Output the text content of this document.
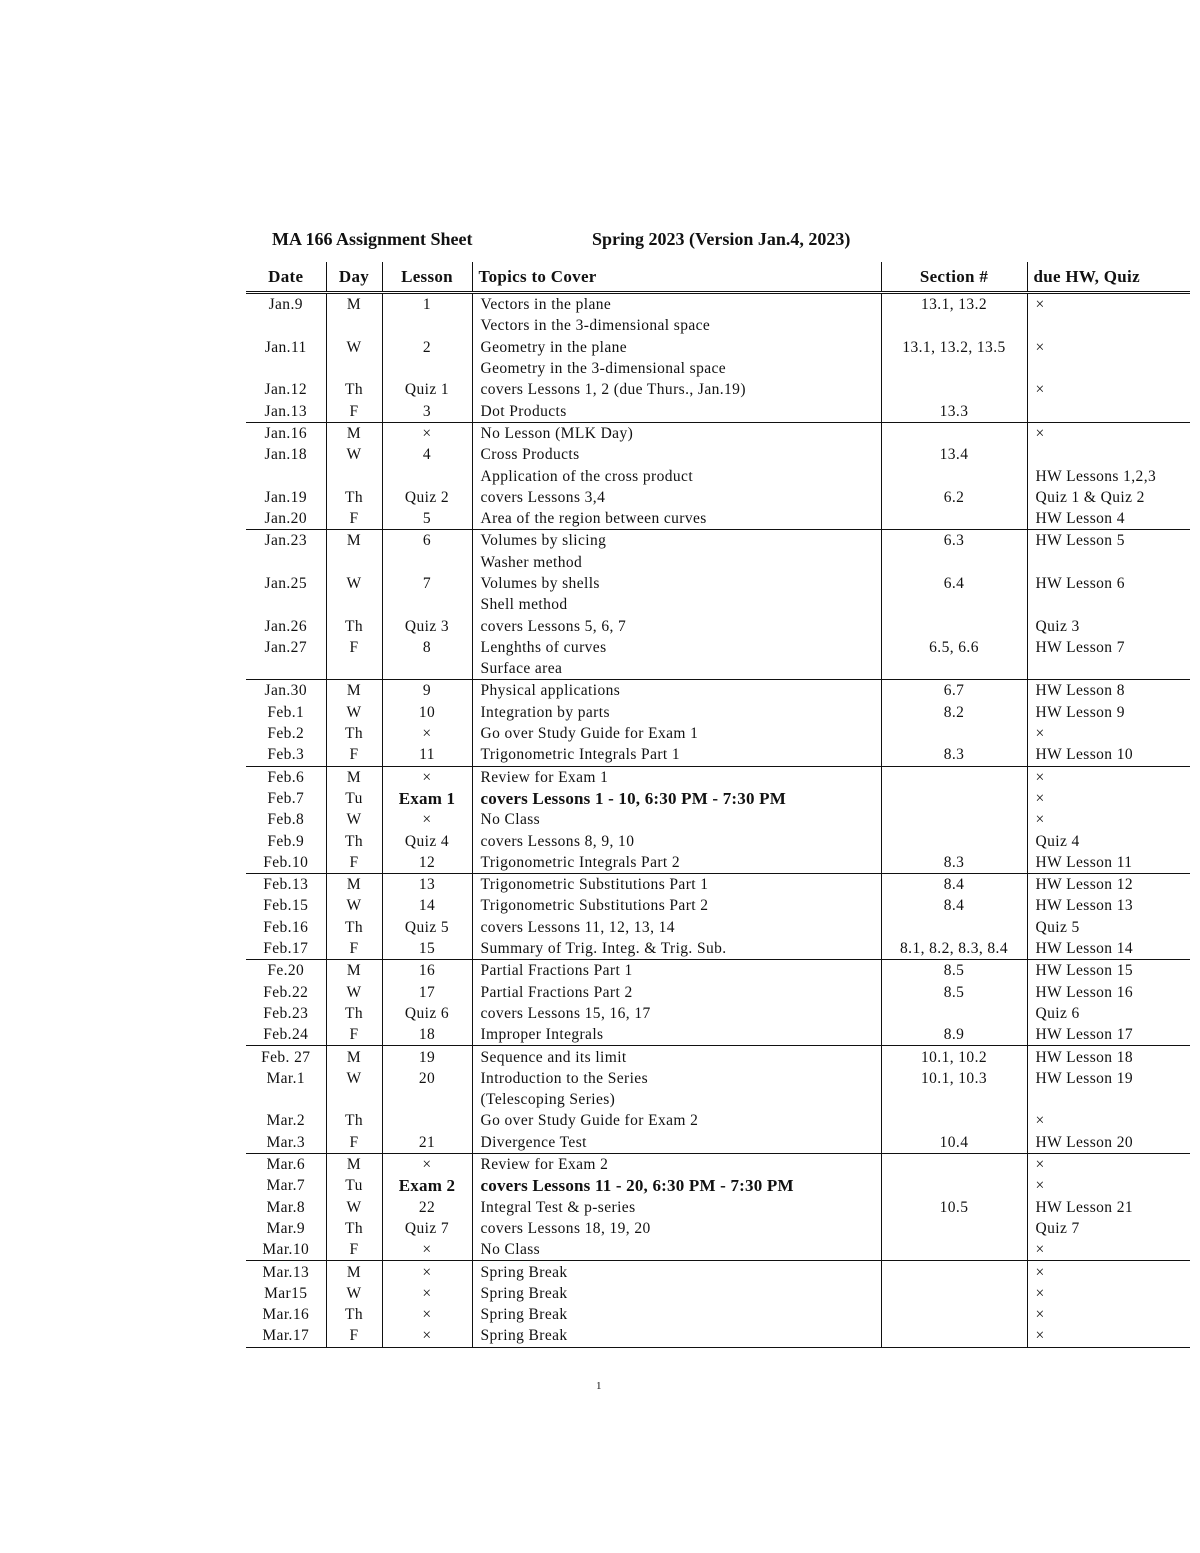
MA 166 Assignment Sheet	Spring 2023 (Version Jan.4, 2023)
Date	Day	Lesson	Topics to Cover	Section #	due HW, Quiz
Jan.9	M	1	Vectors in the plane	13.1, 13.2	×
			Vectors in the 3-dimensional space		
Jan.11	W	2	Geometry in the plane	13.1, 13.2, 13.5	×
			Geometry in the 3-dimensional space		
Jan.12	Th	Quiz 1	covers Lessons 1, 2 (due Thurs., Jan.19)		×
Jan.13	F	3	Dot Products	13.3	
Jan.16	M	×	No Lesson (MLK Day)		×
Jan.18	W	4	Cross Products	13.4	
			Application of the cross product		HW Lessons 1,2,3
Jan.19	Th	Quiz 2	covers Lessons 3,4	6.2	Quiz 1 & Quiz 2
Jan.20	F	5	Area of the region between curves		HW Lesson 4
Jan.23	M	6	Volumes by slicing	6.3	HW Lesson 5
			Washer method		
Jan.25	W	7	Volumes by shells	6.4	HW Lesson 6
			Shell method		
Jan.26	Th	Quiz 3	covers Lessons 5, 6, 7		Quiz 3
Jan.27	F	8	Lenghths of curves	6.5, 6.6	HW Lesson 7
			Surface area		
Jan.30	M	9	Physical applications	6.7	HW Lesson 8
Feb.1	W	10	Integration by parts	8.2	HW Lesson 9
Feb.2	Th	×	Go over Study Guide for Exam 1		×
Feb.3	F	11	Trigonometric Integrals Part 1	8.3	HW Lesson 10
Feb.6	M	×	Review for Exam 1		×
Feb.7	Tu	Exam 1	covers Lessons 1 - 10, 6:30 PM - 7:30 PM		×
Feb.8	W	×	No Class		×
Feb.9	Th	Quiz 4	covers Lessons 8, 9, 10		Quiz 4
Feb.10	F	12	Trigonometric Integrals Part 2	8.3	HW Lesson 11
Feb.13	M	13	Trigonometric Substitutions Part 1	8.4	HW Lesson 12
Feb.15	W	14	Trigonometric Substitutions Part 2	8.4	HW Lesson 13
Feb.16	Th	Quiz 5	covers Lessons 11, 12, 13, 14		Quiz 5
Feb.17	F	15	Summary of Trig. Integ. & Trig. Sub.	8.1, 8.2, 8.3, 8.4	HW Lesson 14
Fe.20	M	16	Partial Fractions Part 1	8.5	HW Lesson 15
Feb.22	W	17	Partial Fractions Part 2	8.5	HW Lesson 16
Feb.23	Th	Quiz 6	covers Lessons 15, 16, 17		Quiz 6
Feb.24	F	18	Improper Integrals	8.9	HW Lesson 17
Feb. 27	M	19	Sequence and its limit	10.1, 10.2	HW Lesson 18
Mar.1	W	20	Introduction to the Series	10.1, 10.3	HW Lesson 19
			(Telescoping Series)		
Mar.2	Th		Go over Study Guide for Exam 2		×
Mar.3	F	21	Divergence Test	10.4	HW Lesson 20
Mar.6	M	×	Review for Exam 2		×
Mar.7	Tu	Exam 2	covers Lessons 11 - 20, 6:30 PM - 7:30 PM		×
Mar.8	W	22	Integral Test & p-series	10.5	HW Lesson 21
Mar.9	Th	Quiz 7	covers Lessons 18, 19, 20		Quiz 7
Mar.10	F	×	No Class		×
Mar.13	M	×	Spring Break		×
Mar15	W	×	Spring Break		×
Mar.16	Th	×	Spring Break		×
Mar.17	F	×	Spring Break		×
1
